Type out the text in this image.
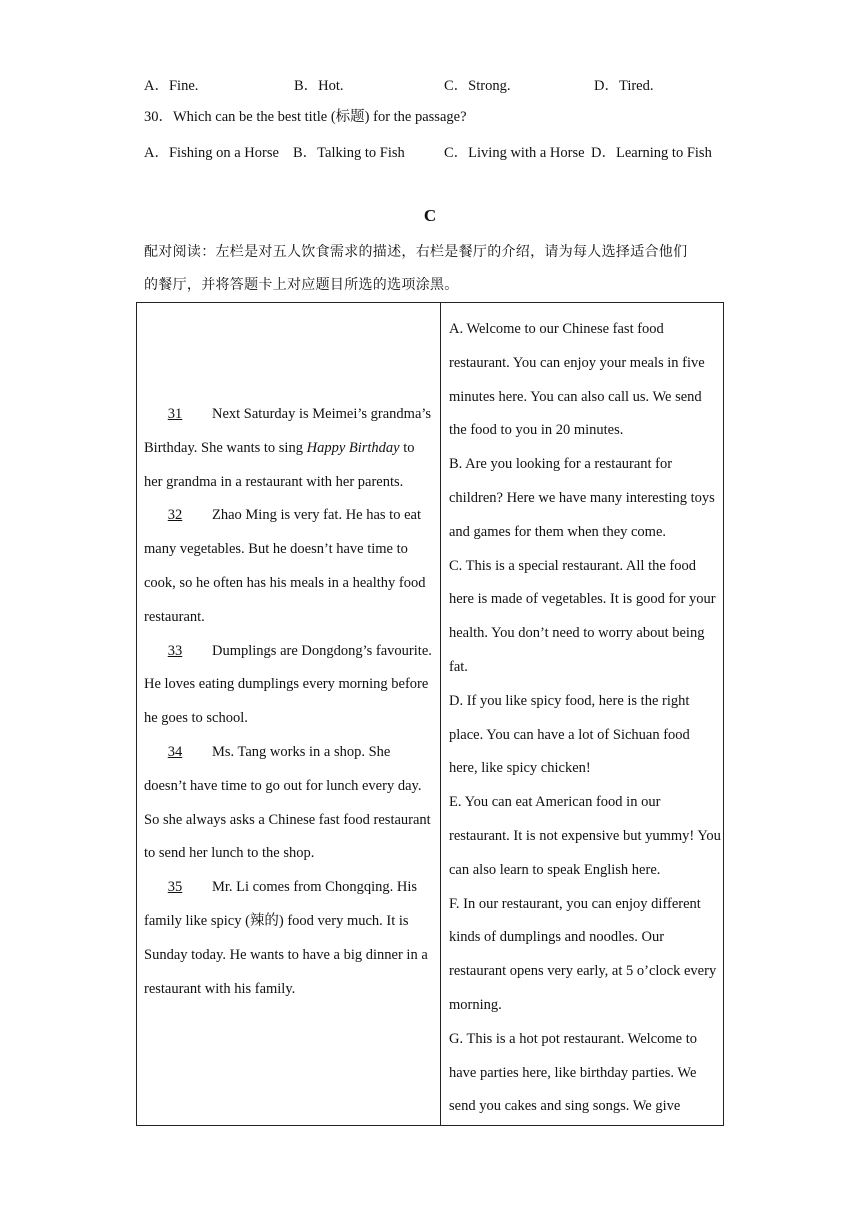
A．Fine.	B．Hot.	C．Strong.	D．Tired.
30．Which can be the best title (标题) for the passage?
A．Fishing on a Horse B．Talking to Fish	C．Living with a Horse D．Learning to Fish
C
配对阅读：左栏是对五人饮食需求的描述，右栏是餐厅的介绍，请为每人选择适合他们
的餐厅，并将答题卡上对应题目所选的选项涂黑。

31 Next Saturday is Meimei’s grandma’s Birthday. She wants to sing Happy Birthday to her grandma in a restaurant with her parents.

32 Zhao Ming is very fat. He has to eat many vegetables. But he doesn’t have time to cook, so he often has his meals in a healthy food restaurant.

33 Dumplings are Dongdong’s favourite. He loves eating dumplings every morning before he goes to school.

34 Ms. Tang works in a shop. She doesn’t have time to go out for lunch every day. So she always asks a Chinese fast food restaurant to send her lunch to the shop.

35 Mr. Li comes from Chongqing. His family like spicy (辣的) food very much. It is Sunday today. He wants to have a big dinner in a restaurant with his family.

A. Welcome to our Chinese fast food restaurant. You can enjoy your meals in five minutes here. You can also call us. We send the food to you in 20 minutes.

B. Are you looking for a restaurant for children? Here we have many interesting toys and games for them when they come.

C. This is a special restaurant. All the food here is made of vegetables. It is good for your health. You don’t need to worry about being fat.

D. If you like spicy food, here is the right place. You can have a lot of Sichuan food here, like spicy chicken!

E. You can eat American food in our restaurant. It is not expensive but yummy! You can also learn to speak English here.

F. In our restaurant, you can enjoy different kinds of dumplings and noodles. Our restaurant opens very early, at 5 o’clock every morning.

G. This is a hot pot restaurant. Welcome to have parties here, like birthday parties. We send you cakes and sing songs. We give
